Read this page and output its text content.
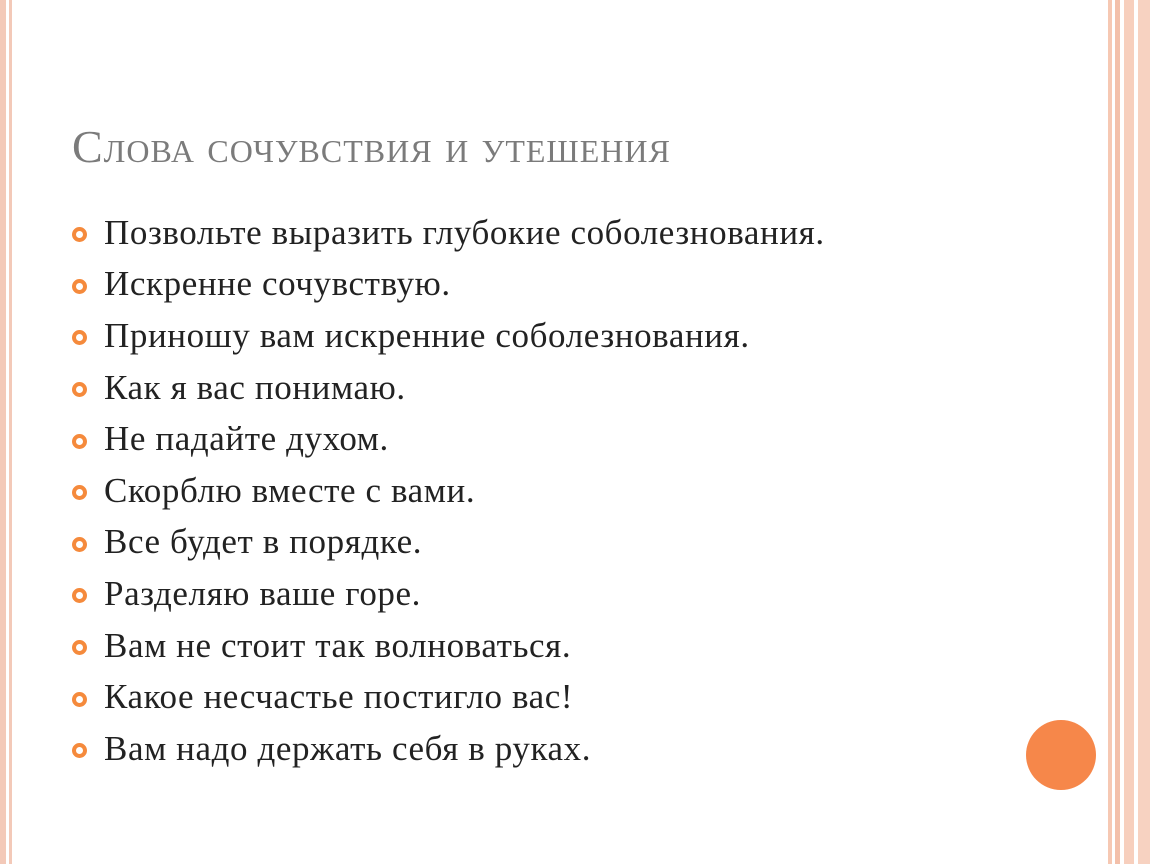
Слова сочувствия и утешения
Позвольте выразить глубокие соболезнования.
Искренне сочувствую.
Приношу вам искренние соболезнования.
Как я вас понимаю.
Не падайте духом.
Скорблю вместе с вами.
Все будет в порядке.
Разделяю ваше горе.
Вам не стоит так волноваться.
Какое несчастье постигло вас!
Вам надо держать себя в руках.
